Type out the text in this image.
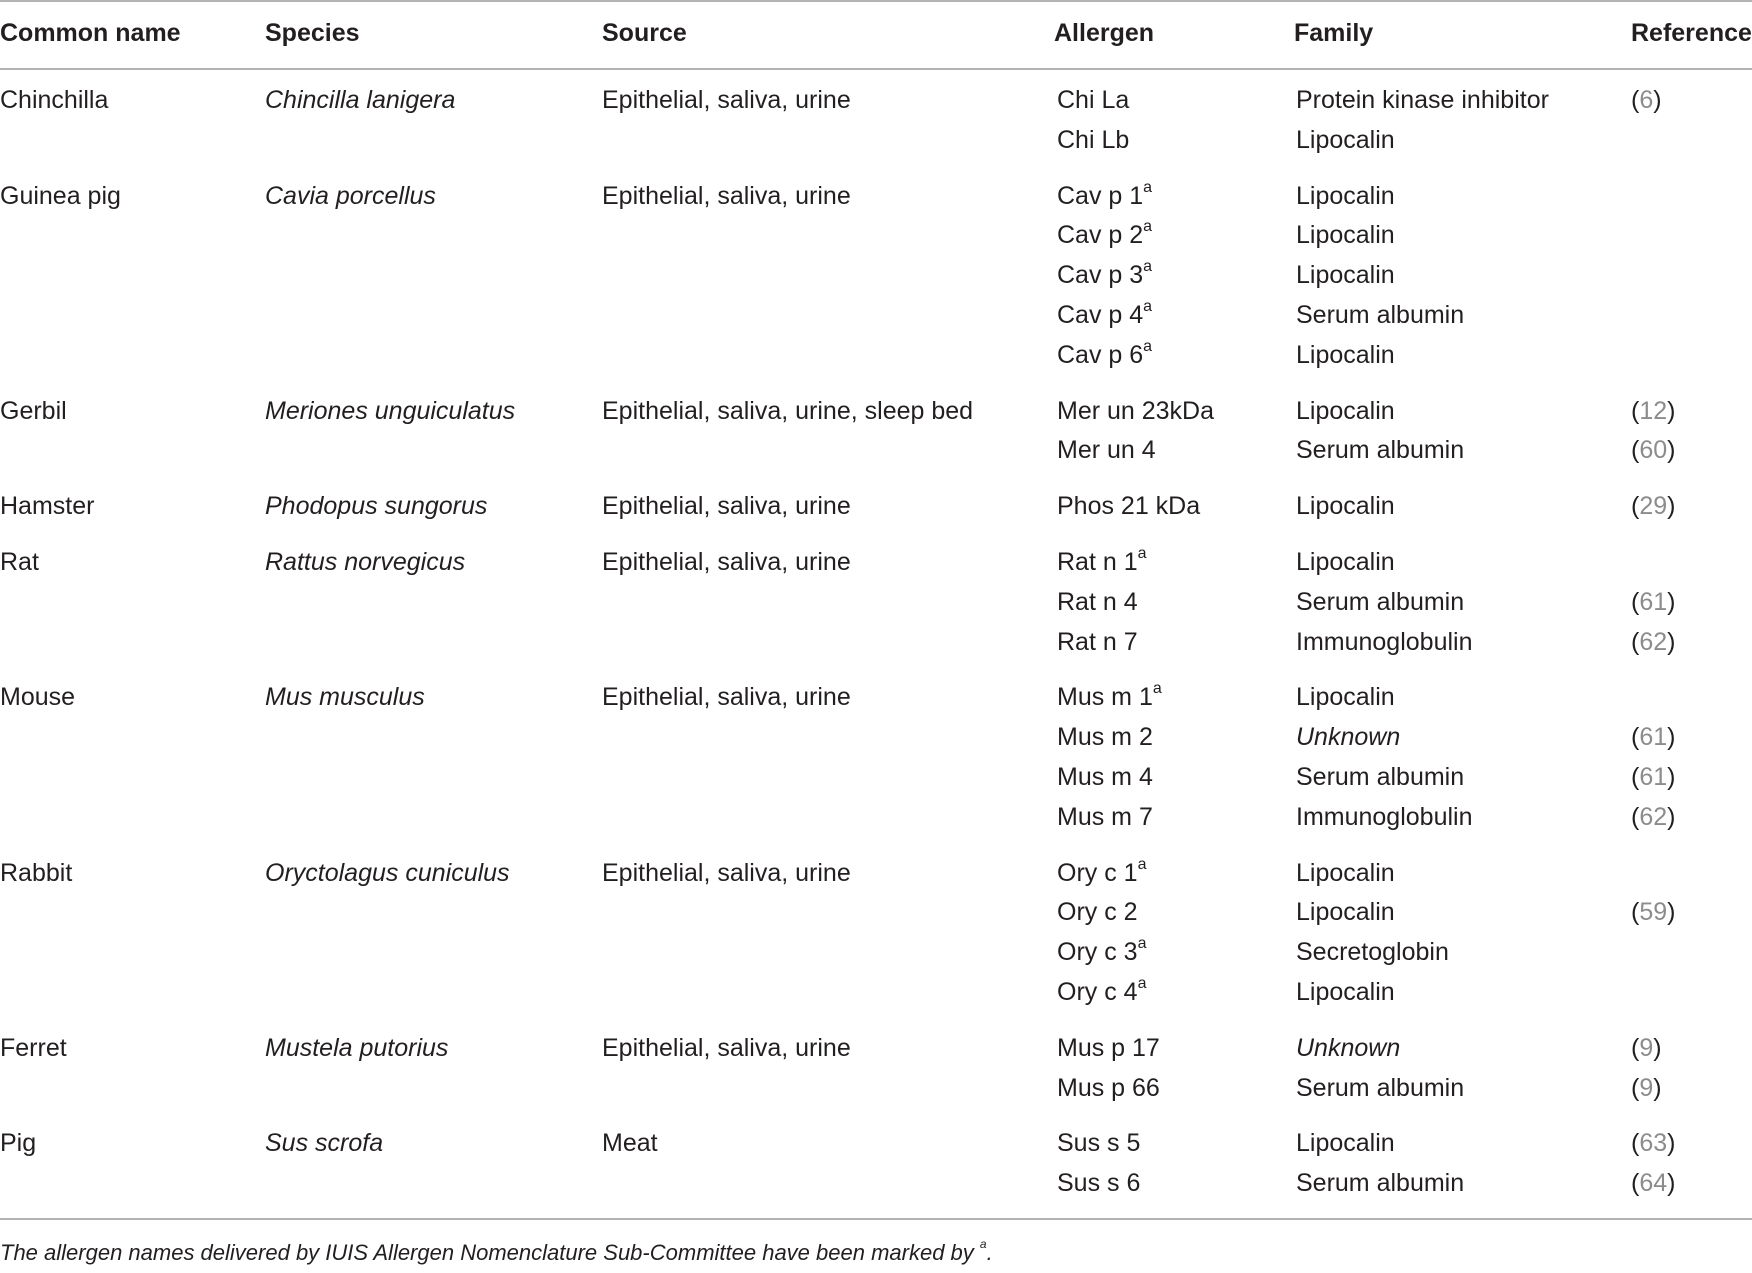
Common name	Species	Source	Allergen	Family	Reference
Chinchilla	Chincilla lanigera	Epithelial, saliva, urine	Chi La	Protein kinase inhibitor	(6)
Chi Lb	Lipocalin
Guinea pig	Cavia porcellus	Epithelial, saliva, urine	Cav p 1$^a$	Lipocalin
Cav p 2$^a$	Lipocalin
Cav p 3$^a$	Lipocalin
Cav p 4$^a$	Serum albumin
Cav p 6$^a$	Lipocalin
Gerbil	Meriones unguiculatus	Epithelial, saliva, urine, sleep bed	Mer un 23kDa	Lipocalin	(12)
Mer un 4	Serum albumin	(60)
Hamster	Phodopus sungorus	Epithelial, saliva, urine	Phos 21 kDa	Lipocalin	(29)
Rat	Rattus norvegicus	Epithelial, saliva, urine	Rat n 1$^a$	Lipocalin
Rat n 4	Serum albumin	(61)
Rat n 7	Immunoglobulin	(62)
Mouse	Mus musculus	Epithelial, saliva, urine	Mus m 1$^a$	Lipocalin
Mus m 2	Unknown	(61)
Mus m 4	Serum albumin	(61)
Mus m 7	Immunoglobulin	(62)
Rabbit	Oryctolagus cuniculus	Epithelial, saliva, urine	Ory c 1$^a$	Lipocalin
Ory c 2	Lipocalin	(59)
Ory c 3$^a$	Secretoglobin
Ory c 4$^a$	Lipocalin
Ferret	Mustela putorius	Epithelial, saliva, urine	Mus p 17	Unknown	(9)
Mus p 66	Serum albumin	(9)
Pig	Sus scrofa	Meat	Sus s 5	Lipocalin	(63)
Sus s 6	Serum albumin	(64)
The allergen names delivered by IUIS Allergen Nomenclature Sub-Committee have been marked by $^a$.
